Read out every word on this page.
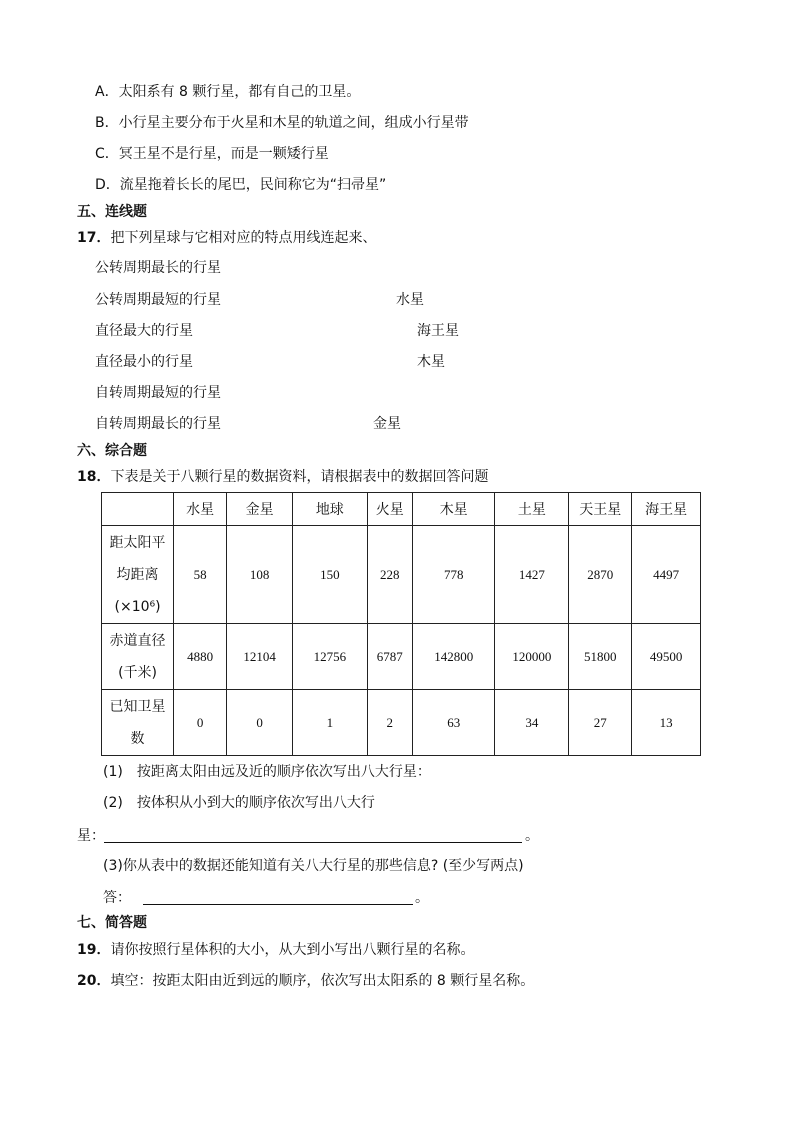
A．太阳系有 8 颗行星，都有自己的卫星。
B．小行星主要分布于火星和木星的轨道之间，组成小行星带
C．冥王星不是行星，而是一颗矮行星
D．流星拖着长长的尾巴，民间称它为“扫帚星”
五、连线题
17．把下列星球与它相对应的特点用线连起来、
公转周期最长的行星
公转周期最短的行星
直径最大的行星
直径最小的行星
自转周期最短的行星
自转周期最长的行星
水星
海王星
木星
金星
六、综合题
18．下表是关于八颗行星的数据资料，请根据表中的数据回答问题
	水星	金星	地球	火星	木星	土星	天王星	海王星

距太阳平
均距离
(×10⁶)	58	108	150	228	778	1427	2870	4497

赤道直径
(千米)	4880	12104	12756	6787	142800	120000	51800	49500

已知卫星
数	0	0	1	2	63	34	27	13
(1)　按距离太阳由远及近的顺序依次写出八大行星：
(2)　按体积从小到大的顺序依次写出八大行
星：	。
(3)你从表中的数据还能知道有关八大行星的那些信息? (至少写两点)
答：	。
七、简答题
19．请你按照行星体积的大小，从大到小写出八颗行星的名称。
20．填空：按距太阳由近到远的顺序，依次写出太阳系的 8 颗行星名称。
